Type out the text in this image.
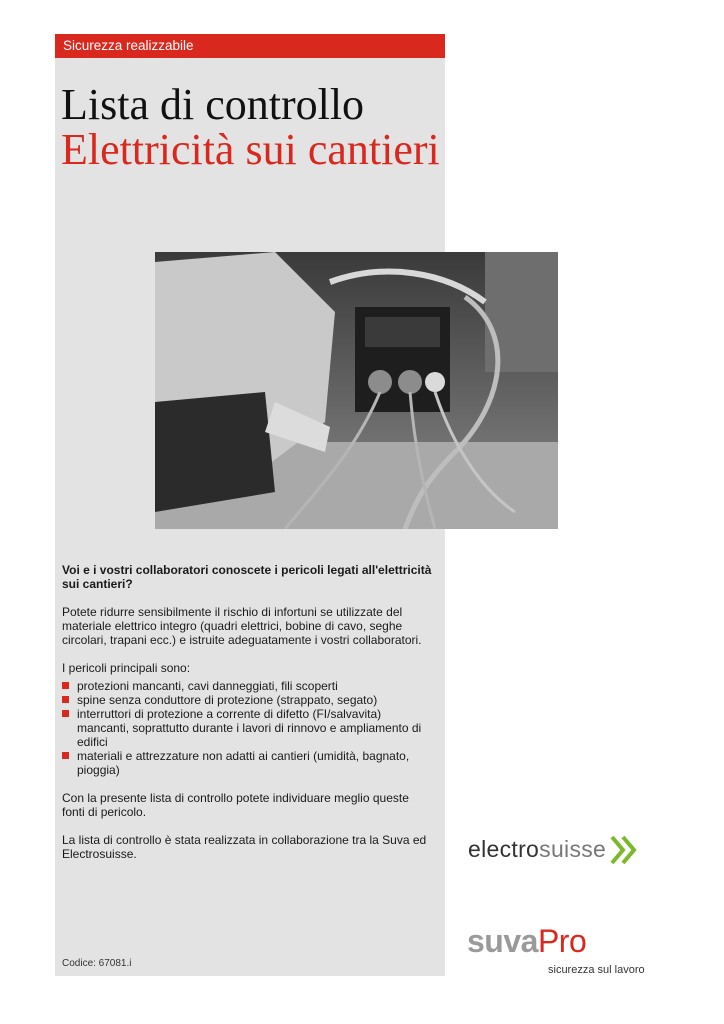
Sicurezza realizzabile
Lista di controllo
Elettricità sui cantieri

Voi e i vostri collaboratori conoscete i pericoli legati all'elettricità sui cantieri?

Potete ridurre sensibilmente il rischio di infortuni se utilizzate del materiale elettrico integro (quadri elettrici, bobine di cavo, seghe circolari, trapani ecc.) e istruite adeguatamente i vostri collaboratori.

I pericoli principali sono:

protezioni mancanti, cavi danneggiati, fili scoperti
spine senza conduttore di protezione (strappato, segato)
interruttori di protezione a corrente di difetto (FI/salvavita) mancanti, soprattutto durante i lavori di rinnovo e ampliamento di edifici
materiali e attrezzature non adatti ai cantieri (umidità, bagnato, pioggia)

Con la presente lista di controllo potete individuare meglio queste fonti di pericolo.

La lista di controllo è stata realizzata in collaborazione tra la Suva ed Electrosuisse.

Codice: 67081.i
electrosuisse
suvaPro
sicurezza sul lavoro
